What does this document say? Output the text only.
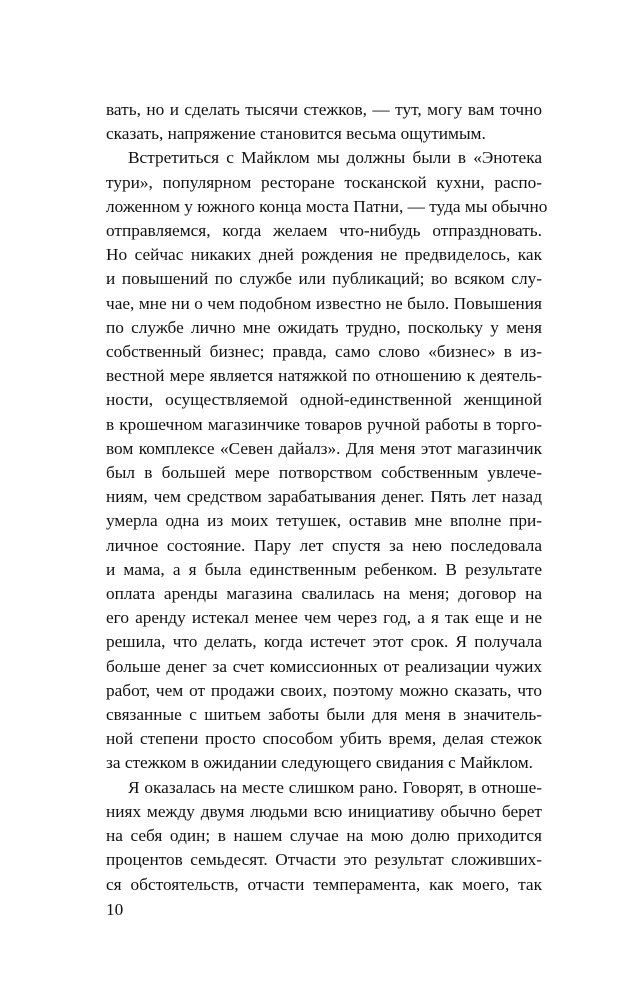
вать, но и сделать тысячи стежков, — тут, могу вам точно
сказать, напряжение становится весьма ощутимым.
Встретиться с Майклом мы должны были в «Энотека
тури», популярном ресторане тосканской кухни, распо-
ложенном у южного конца моста Патни, — туда мы обычно
отправляемся, когда желаем что-нибудь отпраздновать.
Но сейчас никаких дней рождения не предвиделось, как
и повышений по службе или публикаций; во всяком слу-
чае, мне ни о чем подобном известно не было. Повышения
по службе лично мне ожидать трудно, поскольку у меня
собственный бизнес; правда, само слово «бизнес» в из-
вестной мере является натяжкой по отношению к деятель-
ности, осуществляемой одной-единственной женщиной
в крошечном магазинчике товаров ручной работы в торго-
вом комплексе «Севен дайалз». Для меня этот магазинчик
был в большей мере потворством собственным увлече-
ниям, чем средством зарабатывания денег. Пять лет назад
умерла одна из моих тетушек, оставив мне вполне при-
личное состояние. Пару лет спустя за нею последовала
и мама, а я была единственным ребенком. В результате
оплата аренды магазина свалилась на меня; договор на
его аренду истекал менее чем через год, а я так еще и не
решила, что делать, когда истечет этот срок. Я получала
больше денег за счет комиссионных от реализации чужих
работ, чем от продажи своих, поэтому можно сказать, что
связанные с шитьем заботы были для меня в значитель-
ной степени просто способом убить время, делая стежок
за стежком в ожидании следующего свидания с Майклом.
Я оказалась на месте слишком рано. Говорят, в отноше-
ниях между двумя людьми всю инициативу обычно берет
на себя один; в нашем случае на мою долю приходится
процентов семьдесят. Отчасти это результат сложивших-
ся обстоятельств, отчасти темперамента, как моего, так
10
